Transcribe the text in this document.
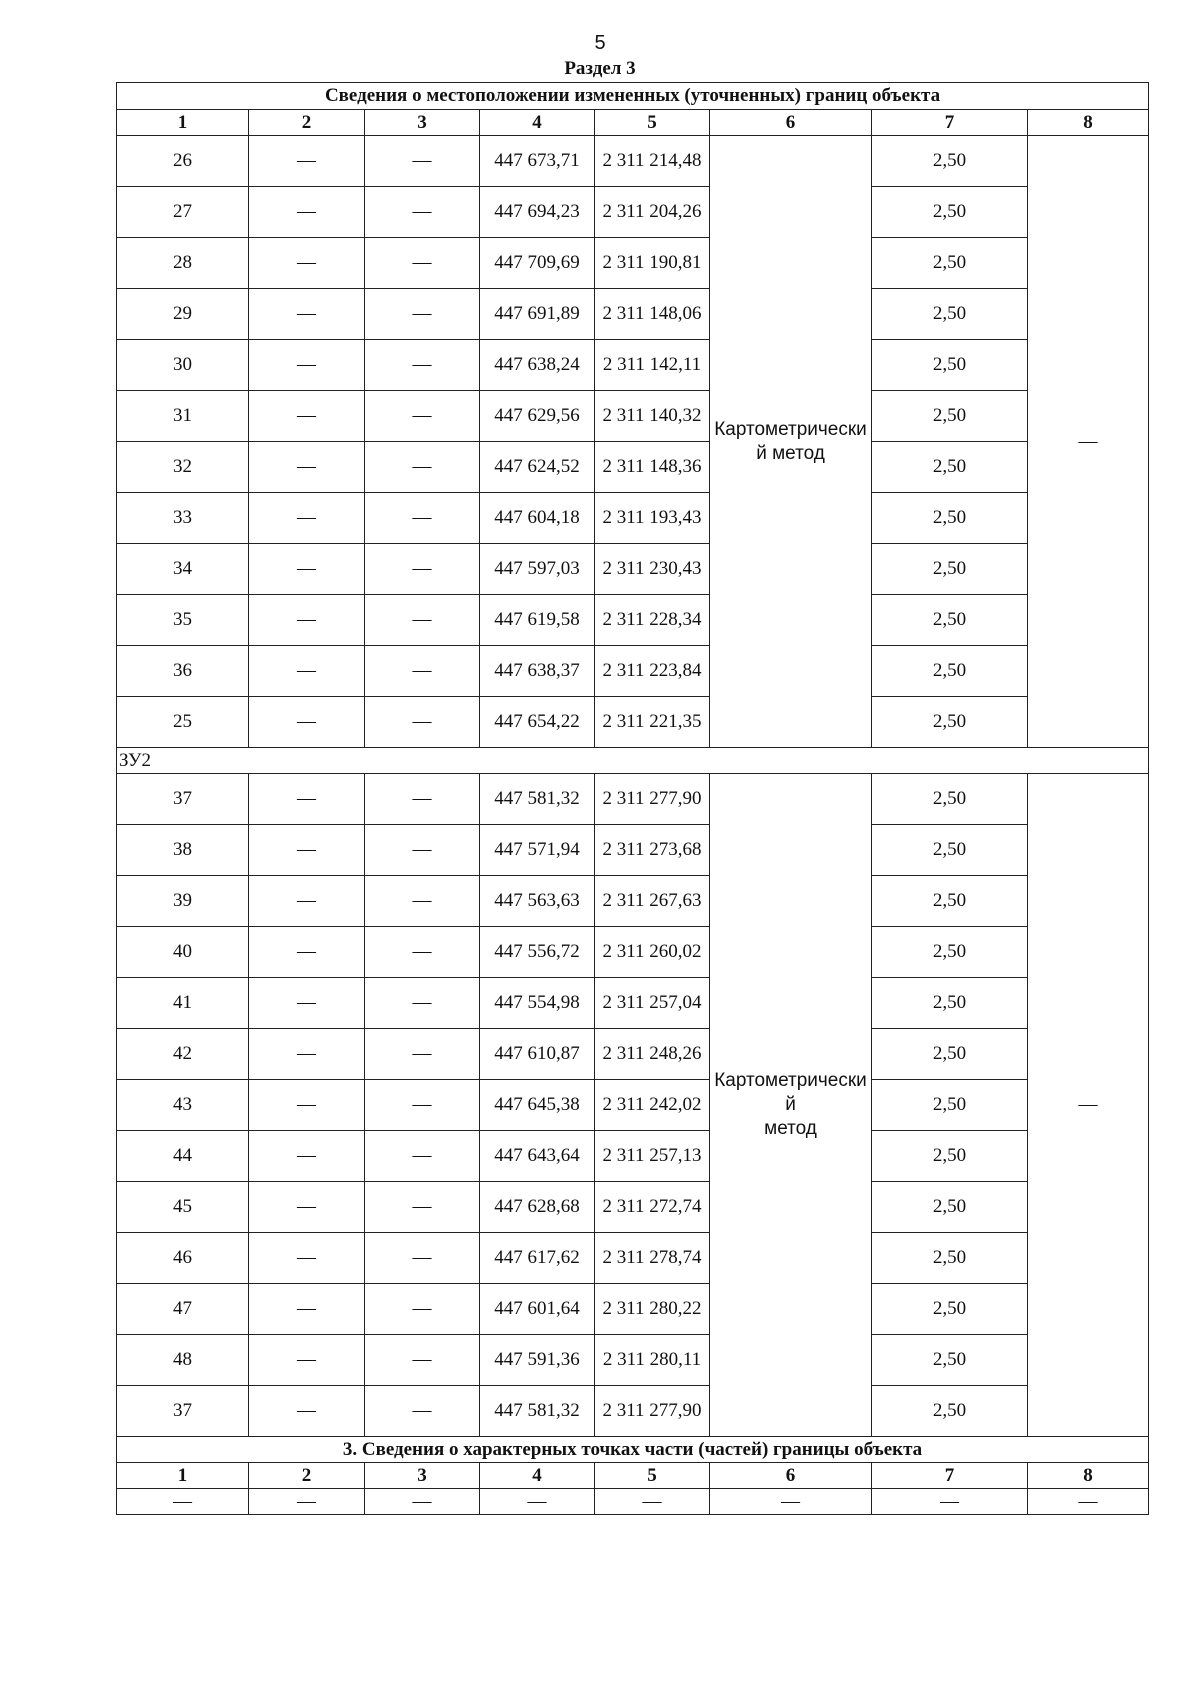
5
Раздел 3
Сведения о местоположении измененных (уточненных) границ объекта							
1	2	3	4	5	6	7	8
26	—	—	447 673,71	2 311 214,48	Картометрически
й метод	2,50	—
27	—	—	447 694,23	2 311 204,26		2,50	
28	—	—	447 709,69	2 311 190,81		2,50	
29	—	—	447 691,89	2 311 148,06		2,50	
30	—	—	447 638,24	2 311 142,11		2,50	
31	—	—	447 629,56	2 311 140,32		2,50	
32	—	—	447 624,52	2 311 148,36		2,50	
33	—	—	447 604,18	2 311 193,43		2,50	
34	—	—	447 597,03	2 311 230,43		2,50	
35	—	—	447 619,58	2 311 228,34		2,50	
36	—	—	447 638,37	2 311 223,84		2,50	
25	—	—	447 654,22	2 311 221,35		2,50	
ЗУ2							
37	—	—	447 581,32	2 311 277,90	Картометрически
й
метод	2,50	—
38	—	—	447 571,94	2 311 273,68		2,50	
39	—	—	447 563,63	2 311 267,63		2,50	
40	—	—	447 556,72	2 311 260,02		2,50	
41	—	—	447 554,98	2 311 257,04		2,50	
42	—	—	447 610,87	2 311 248,26		2,50	
43	—	—	447 645,38	2 311 242,02		2,50	
44	—	—	447 643,64	2 311 257,13		2,50	
45	—	—	447 628,68	2 311 272,74		2,50	
46	—	—	447 617,62	2 311 278,74		2,50	
47	—	—	447 601,64	2 311 280,22		2,50	
48	—	—	447 591,36	2 311 280,11		2,50	
37	—	—	447 581,32	2 311 277,90		2,50	
3. Сведения о характерных точках части (частей) границы объекта							
1	2	3	4	5	6	7	8
—	—	—	—	—	—	—	—
